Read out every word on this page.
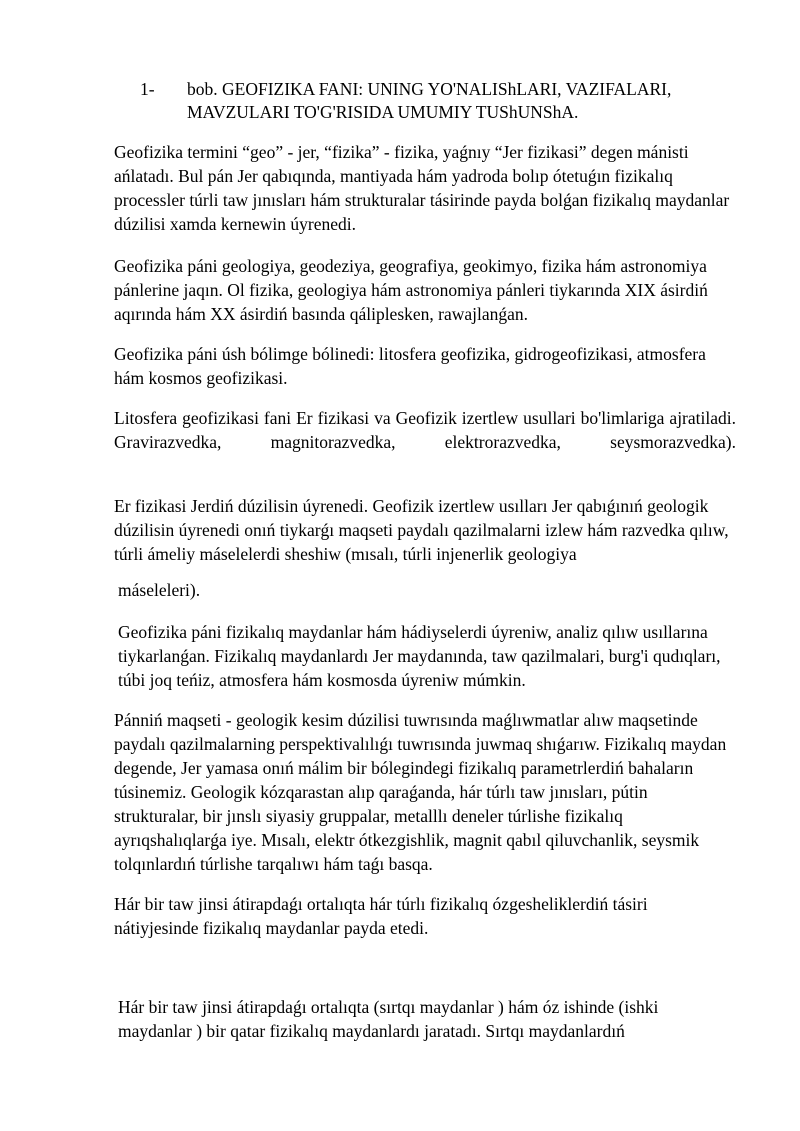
1- bob. GEOFIZIKA FANI: UNING YO'NALIShLARI, VAZIFALARI, MAVZULARI TO'G'RISIDA UMUMIY TUShUNShA.
Geofizika termini “geo” - jer, “fizika” - fizika, yaǵnıy “Jer fizikasi” degen mánisti ańlatadı. Bul pán Jer qabıqında, mantiyada hám yadroda bolıp ótetuǵın fizikalıq processler túrli taw jınısları hám strukturalar tásirinde payda bolǵan fizikalıq maydanlar dúzilisi xamda kernewin úyrenedi.
Geofizika páni geologiya, geodeziya, geografiya, geokimyo, fizika hám astronomiya pánlerine jaqın. Ol fizika, geologiya hám astronomiya pánleri tiykarında XIX ásirdiń aqırında hám XX ásirdiń basında qáliplesken, rawajlanǵan.
Geofizika páni úsh bólimge bólinedi: litosfera geofizika, gidrogeofizikasi, atmosfera hám kosmos geofizikasi.
Litosfera geofizikasi fani Er fizikasi va Geofizik izertlew usullari bo'limlariga ajratiladi. Gravirazvedka, magnitorazvedka, elektrorazvedka, seysmorazvedka).
Er fizikasi Jerdiń dúzilisin úyrenedi. Geofizik izertlew usılları Jer qabıǵınıń geologik dúzilisin úyrenedi onıń tiykarǵı maqseti paydalı qazilmalarni izlew hám razvedka qılıw, túrli ámeliy máselelerdi sheshiw (mısalı, túrli injenerlik geologiya
máseleleri).
Geofizika páni fizikalıq maydanlar hám hádiyselerdi úyreniw, analiz qılıw usıllarına tiykarlanǵan. Fizikalıq maydanlardı Jer maydanında, taw qazilmalari, burg'i qudıqları, túbi joq teńiz, atmosfera hám kosmosda úyreniw múmkin.
Pánniń maqseti - geologik kesim dúzilisi tuwrısında maǵlıwmatlar alıw maqsetinde paydalı qazilmalarning perspektivalılıǵı tuwrısında juwmaq shıǵarıw. Fizikalıq maydan degende, Jer yamasa onıń málim bir bólegindegi fizikalıq parametrlerdiń bahaların túsinemiz. Geologik kózqarastan alıp qaraǵanda, hár túrlı taw jınısları, pútin strukturalar, bir jınslı siyasiy gruppalar, metalllı deneler túrlishe fizikalıq ayrıqshalıqlarǵa iye. Mısalı, elektr ótkezgishlik, magnit qabıl qiluvchanlik, seysmik tolqınlardıń túrlishe tarqalıwı hám taǵı basqa.
Hár bir taw jinsi átirapdaǵı ortalıqta hár túrlı fizikalıq ózgesheliklerdiń tásiri nátiyjesinde fizikalıq maydanlar payda etedi.
Hár bir taw jinsi átirapdaǵı ortalıqta (sırtqı maydanlar ) hám óz ishinde (ishki maydanlar ) bir qatar fizikalıq maydanlardı jaratadı. Sırtqı maydanlardıń
